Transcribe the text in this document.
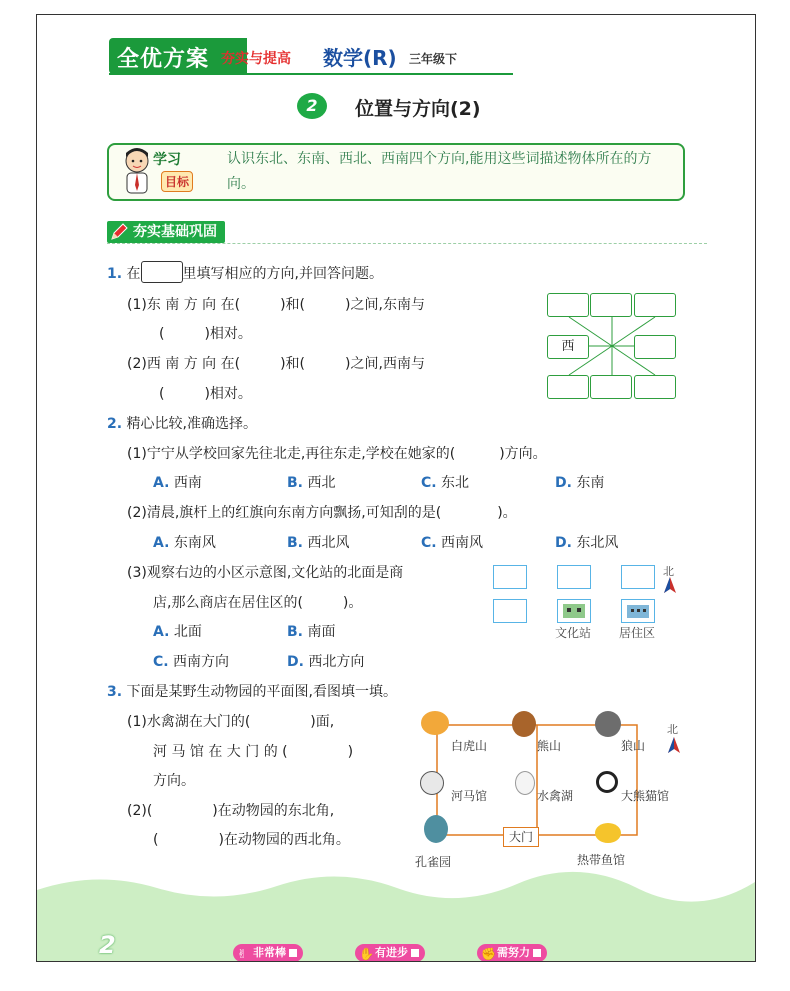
全优方案 夯实与提高 数学(R) 三年级下
2	位置与方向(2)
学习
目标
认识东北、东南、西北、西南四个方向,能用这些词描述物体所在的方向。
夯实基础巩固
1. 在	里填写相应的方向,并回答问题。
(1)东 南 方 向 在(	)和(	)之间,东南与
(	)相对。
(2)西 南 方 向 在(	)和(	)之间,西南与
(	)相对。
西
2. 精心比较,准确选择。
(1)宁宁从学校回家先往北走,再往东走,学校在她家的(	)方向。
A. 西南	B. 西北	C. 东北	D. 东南
(2)清晨,旗杆上的红旗向东南方向飘扬,可知刮的是(	)。
A. 东南风	B. 西北风	C. 西南风	D. 东北风
(3)观察右边的小区示意图,文化站的北面是商
店,那么商店在居住区的(	)。
A. 北面	B. 南面
C. 西南方向	D. 西北方向
文化站 居住区
北
3. 下面是某野生动物园的平面图,看图填一填。
(1)水禽湖在大门的(	)面,
河 马 馆 在 大 门 的 (	)
方向。
(2)(	)在动物园的东北角,
(	)在动物园的西北角。
白虎山	熊山	狼山
北
河马馆	水禽湖	大熊猫馆
孔雀园
大门
热带鱼馆
2	✌ 非常棒	✋ 有进步	✊ 需努力
